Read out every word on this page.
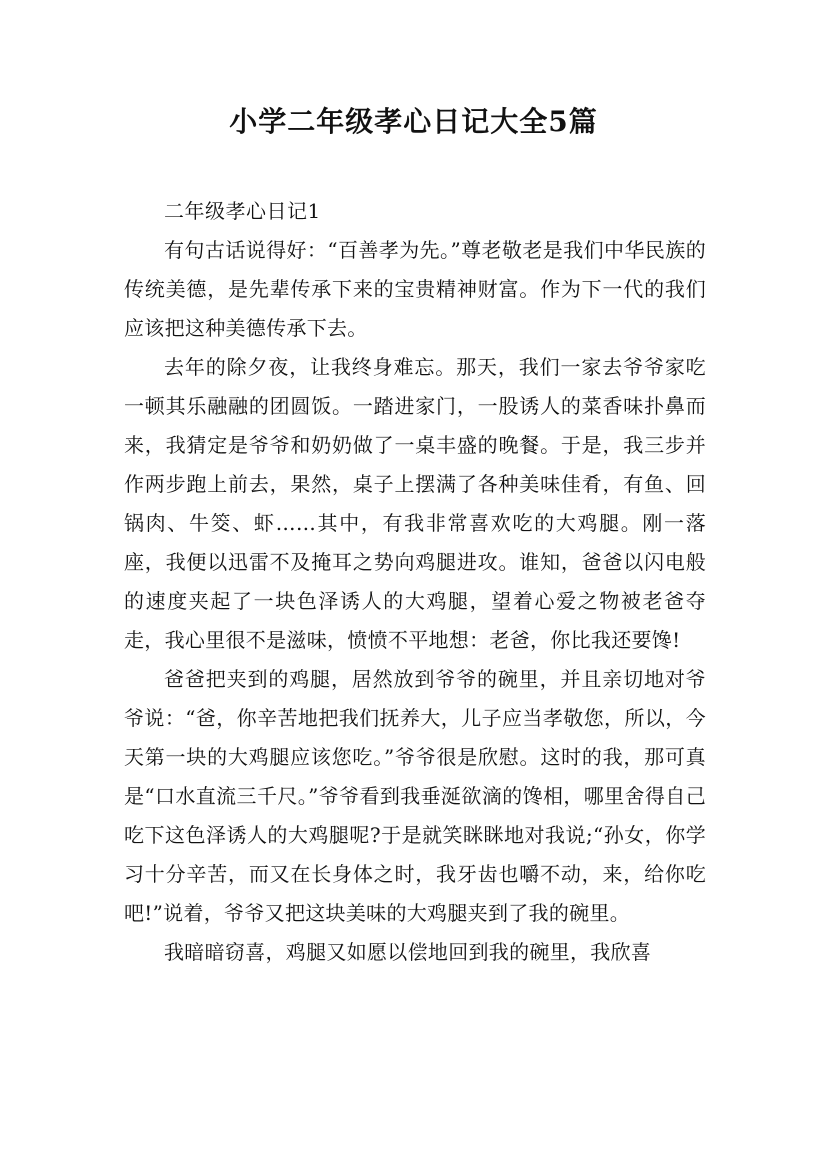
小学二年级孝心日记大全5篇

二年级孝心日记1

有句古话说得好：“百善孝为先。”尊老敬老是我们中华民族的传统美德，是先辈传承下来的宝贵精神财富。作为下一代的我们应该把这种美德传承下去。

去年的除夕夜，让我终身难忘。那天，我们一家去爷爷家吃一顿其乐融融的团圆饭。一踏进家门，一股诱人的菜香味扑鼻而来，我猜定是爷爷和奶奶做了一桌丰盛的晚餐。于是，我三步并作两步跑上前去，果然，桌子上摆满了各种美味佳肴，有鱼、回锅肉、牛筊、虾……其中，有我非常喜欢吃的大鸡腿。刚一落座，我便以迅雷不及掩耳之势向鸡腿进攻。谁知，爸爸以闪电般的速度夹起了一块色泽诱人的大鸡腿，望着心爱之物被老爸夺走，我心里很不是滋味，愤愤不平地想：老爸，你比我还要馋!

爸爸把夹到的鸡腿，居然放到爷爷的碗里，并且亲切地对爷爷说：“爸，你辛苦地把我们抚养大，儿子应当孝敬您，所以，今天第一块的大鸡腿应该您吃。”爷爷很是欣慰。这时的我，那可真是“口水直流三千尺。”爷爷看到我垂涎欲滴的馋相，哪里舍得自己吃下这色泽诱人的大鸡腿呢?于是就笑眯眯地对我说;“孙女，你学习十分辛苦，而又在长身体之时，我牙齿也嚼不动，来，给你吃吧!”说着，爷爷又把这块美味的大鸡腿夹到了我的碗里。

我暗暗窃喜，鸡腿又如愿以偿地回到我的碗里，我欣喜
